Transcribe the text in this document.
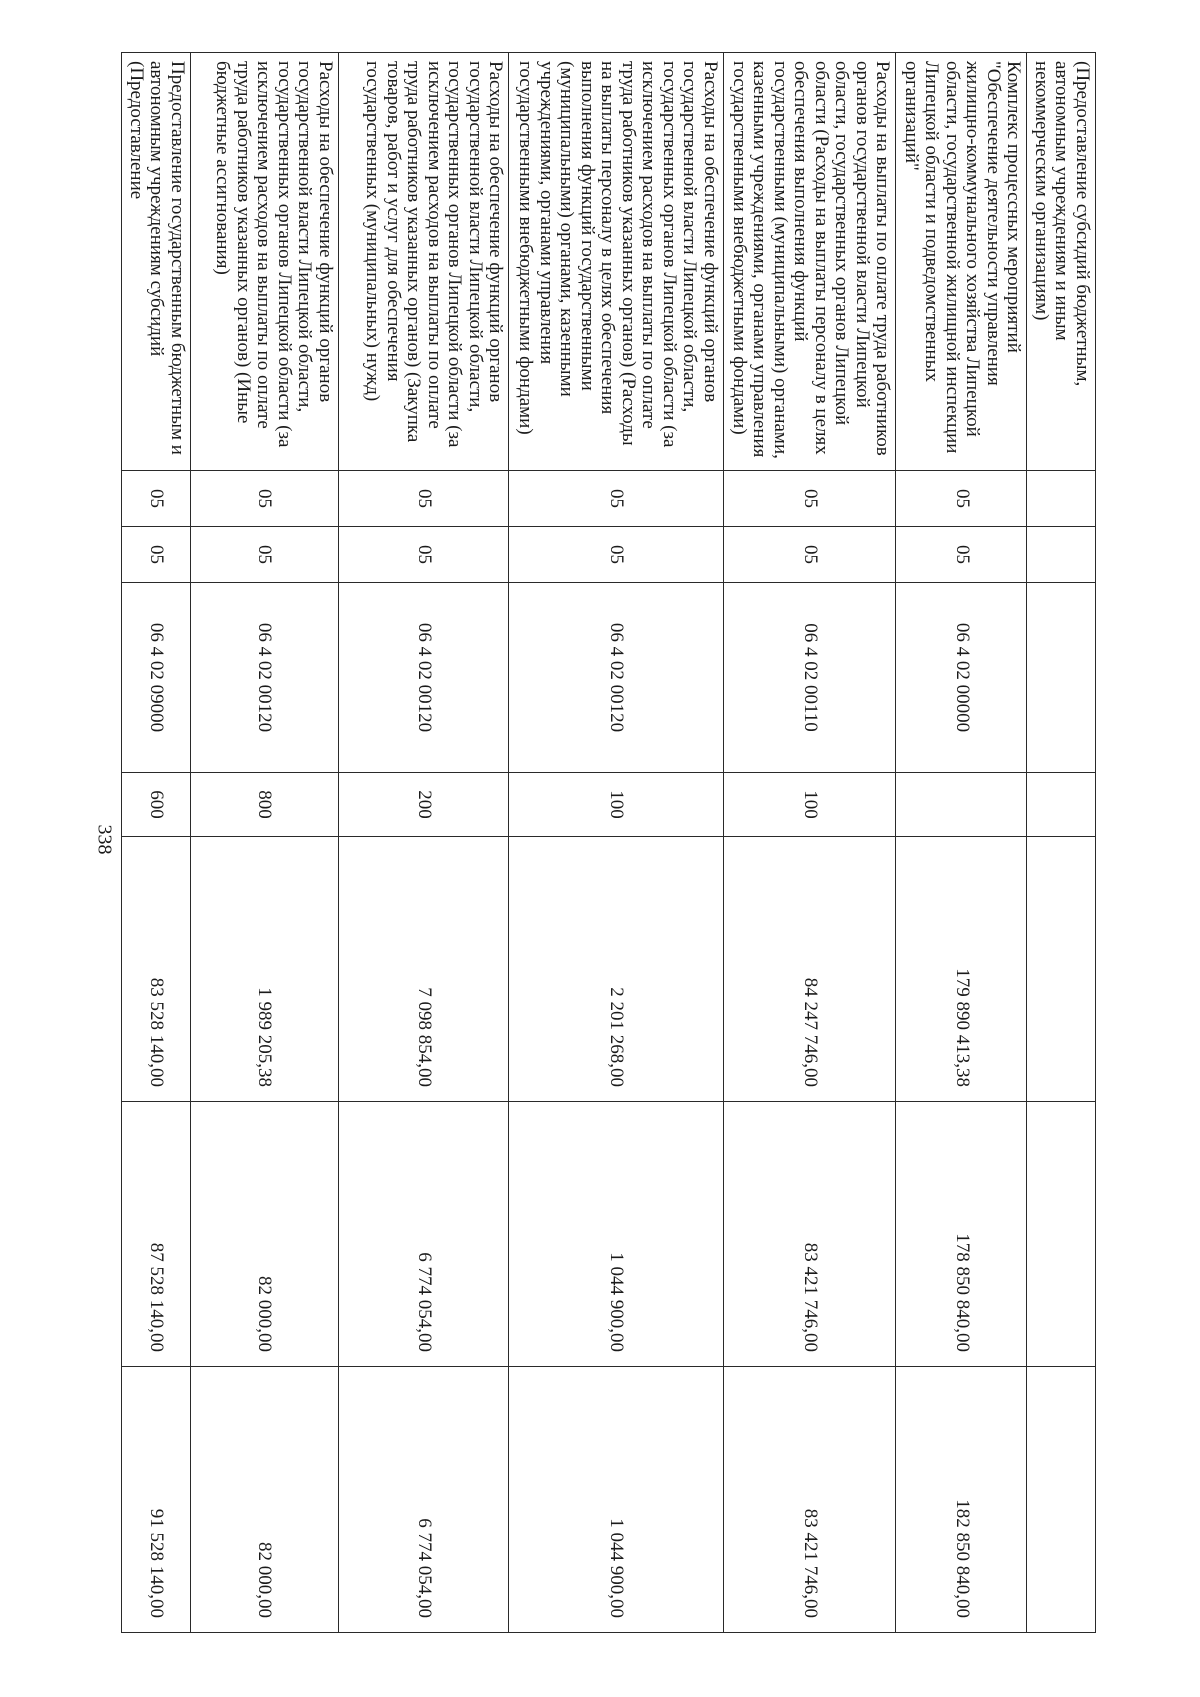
338
(Предоставление субсидий бюджетным, автономным учреждениям и иным некоммерческим организациям)							
Комплекс процессных мероприятий "Обеспечение деятельности управления жилищно-коммунального хозяйства Липецкой области, государственной жилищной инспекции Липецкой области и подведомственных организаций"	05	05	06 4 02 00000		179 890 413,38	178 850 840,00	182 850 840,00
Расходы на выплаты по оплате труда работников органов государственной власти Липецкой области, государственных органов Липецкой области (Расходы на выплаты персоналу в целях обеспечения выполнения функций государственными (муниципальными) органами, казенными учреждениями, органами управления государственными внебюджетными фондами)	05	05	06 4 02 00110	100	84 247 746,00	83 421 746,00	83 421 746,00
Расходы на обеспечение функций органов государственной власти Липецкой области, государственных органов Липецкой области (за исключением расходов на выплаты по оплате труда работников указанных органов) (Расходы на выплаты персоналу в целях обеспечения выполнения функций государственными (муниципальными) органами, казенными учреждениями, органами управления государственными внебюджетными фондами)	05	05	06 4 02 00120	100	2 201 268,00	1 044 900,00	1 044 900,00
Расходы на обеспечение функций органов государственной власти Липецкой области, государственных органов Липецкой области (за исключением расходов на выплаты по оплате труда работников указанных органов) (Закупка товаров, работ и услуг для обеспечения государственных (муниципальных) нужд)	05	05	06 4 02 00120	200	7 098 854,00	6 774 054,00	6 774 054,00
Расходы на обеспечение функций органов государственной власти Липецкой области, государственных органов Липецкой области (за исключением расходов на выплаты по оплате труда работников указанных органов) (Иные бюджетные ассигнования)	05	05	06 4 02 00120	800	1 989 205,38	82 000,00	82 000,00
Предоставление государственным бюджетным и автономным учреждениям субсидий (Предоставление	05	05	06 4 02 09000	600	83 528 140,00	87 528 140,00	91 528 140,00
